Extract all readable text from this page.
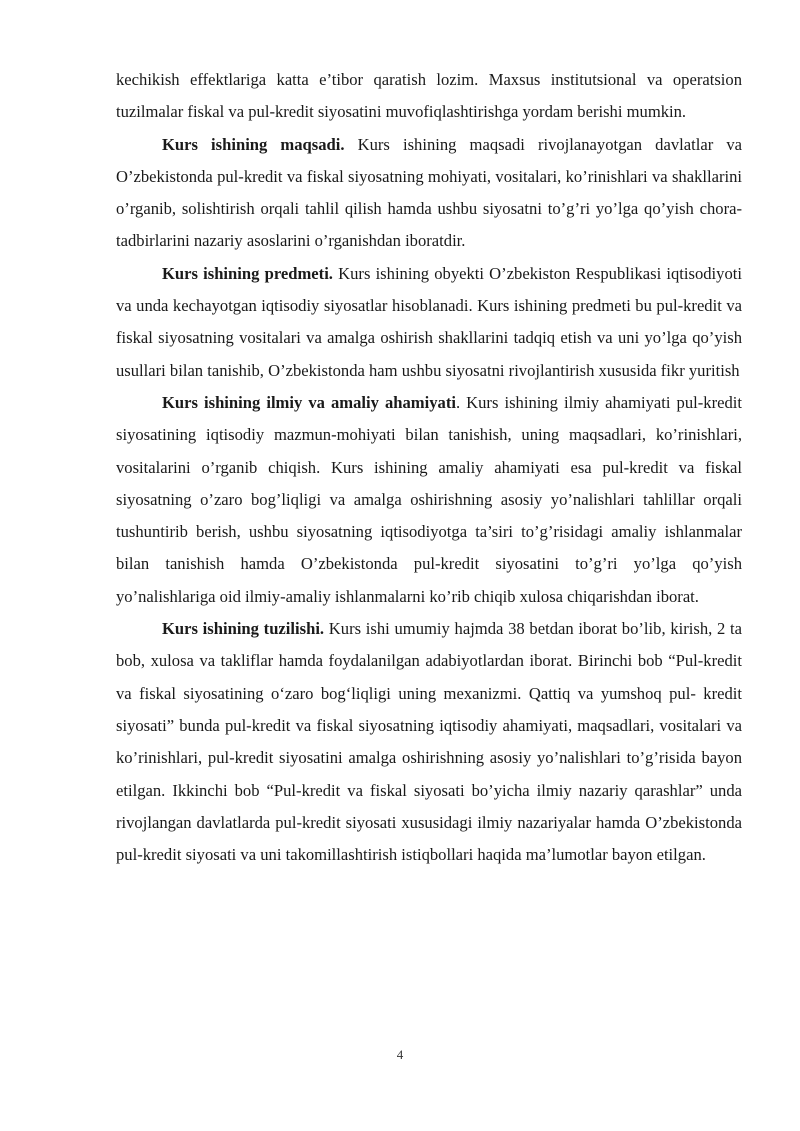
kechikish effektlariga katta e’tibor qaratish lozim. Maxsus institutsional va operatsion tuzilmalar fiskal va pul-kredit siyosatini muvofiqlashtirishga yordam berishi mumkin.

Kurs ishining maqsadi. Kurs ishining maqsadi rivojlanayotgan davlatlar va O’zbekistonda pul-kredit va fiskal siyosatning mohiyati, vositalari, ko’rinishlari va shakllarini o’rganib, solishtirish orqali tahlil qilish hamda ushbu siyosatni to’g’ri yo’lga qo’yish chora-tadbirlarini nazariy asoslarini o’rganishdan iboratdir.

Kurs ishining predmeti. Kurs ishining obyekti O’zbekiston Respublikasi iqtisodiyoti va unda kechayotgan iqtisodiy siyosatlar hisoblanadi. Kurs ishining predmeti bu pul-kredit va fiskal siyosatning vositalari va amalga oshirish shakllarini tadqiq etish va uni yo’lga qo’yish usullari bilan tanishib, O’zbekistonda ham ushbu siyosatni rivojlantirish xususida fikr yuritish

Kurs ishining ilmiy va amaliy ahamiyati. Kurs ishining ilmiy ahamiyati pul-kredit siyosatining iqtisodiy mazmun-mohiyati bilan tanishish, uning maqsadlari, ko’rinishlari, vositalarini o’rganib chiqish. Kurs ishining amaliy ahamiyati esa pul-kredit va fiskal siyosatning o’zaro bog’liqligi va amalga oshirishning asosiy yo’nalishlari tahlillar orqali tushuntirib berish, ushbu siyosatning iqtisodiyotga ta’siri to’g’risidagi amaliy ishlanmalar bilan tanishish hamda O’zbekistonda pul-kredit siyosatini to’g’ri yo’lga qo’yish yo’nalishlariga oid ilmiy-amaliy ishlanmalarni ko’rib chiqib xulosa chiqarishdan iborat.

Kurs ishining tuzilishi. Kurs ishi umumiy hajmda 38 betdan iborat bo’lib, kirish, 2 ta bob, xulosa va takliflar hamda foydalanilgan adabiyotlardan iborat. Birinchi bob “Pul-kredit va fiskal siyosatining o‘zaro bog‘liqligi uning mexanizmi. Qattiq va yumshoq pul- kredit siyosati” bunda pul-kredit va fiskal siyosatning iqtisodiy ahamiyati, maqsadlari, vositalari va ko’rinishlari, pul-kredit siyosatini amalga oshirishning asosiy yo’nalishlari to’g’risida bayon etilgan. Ikkinchi bob “Pul-kredit va fiskal siyosati bo’yicha ilmiy nazariy qarashlar” unda rivojlangan davlatlarda pul-kredit siyosati xususidagi ilmiy nazariyalar hamda O’zbekistonda pul-kredit siyosati va uni takomillashtirish istiqbollari haqida ma’lumotlar bayon etilgan.

4
